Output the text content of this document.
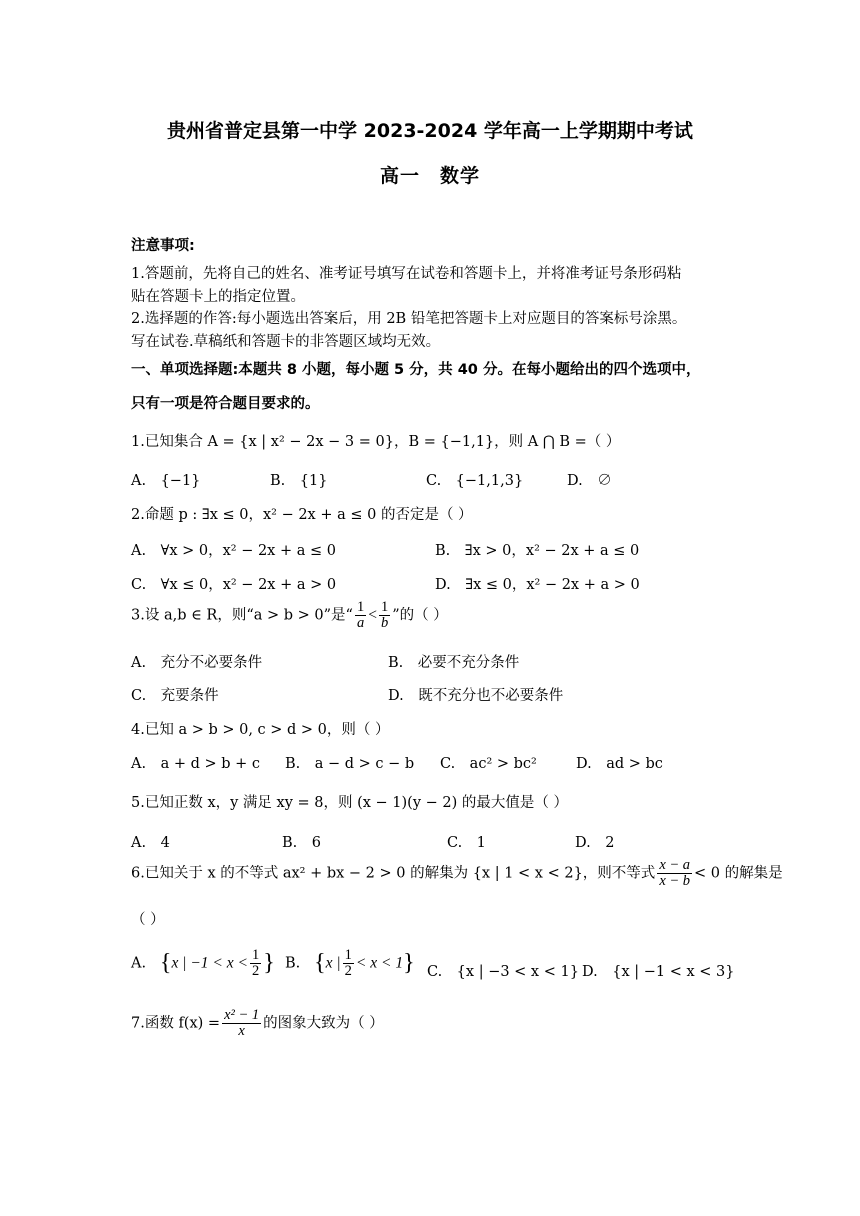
贵州省普定县第一中学 2023-2024 学年高一上学期期中考试
高一　数学
注意事项:
1.答题前，先将自己的姓名、准考证号填写在试卷和答题卡上，并将准考证号条形码粘
贴在答题卡上的指定位置。
2.选择题的作答:每小题选出答案后，用 2B 铅笔把答题卡上对应题目的答案标号涂黑。
写在试卷.草稿纸和答题卡的非答题区域均无效。
一、单项选择题:本题共 8 小题，每小题 5 分，共 40 分。在每小题给出的四个选项中，
只有一项是符合题目要求的。
1.已知集合 A = {x | x² − 2x − 3 = 0}，B = {−1,1}，则 A ⋂ B =（ ）
A.　{−1}	B.　{1}	C.　{−1,1,3}	D.　∅
2.命题 p : ∃x ≤ 0，x² − 2x + a ≤ 0 的否定是（ ）
A.　∀x > 0，x² − 2x + a ≤ 0	B.　∃x > 0，x² − 2x + a ≤ 0
C.　∀x ≤ 0，x² − 2x + a > 0	D.　∃x ≤ 0，x² − 2x + a > 0
3.设 a,b ∈ R，则“a > b > 0”是“ $\frac{1}{a} < \frac{1}{b}$ ”的（ ）
A.　充分不必要条件	B.　必要不充分条件
C.　充要条件	D.　既不充分也不必要条件
4.已知 a > b > 0, c > d > 0，则（ ）
A.　a + d > b + c B.　a − d > c − b C.　ac² > bc²	D.　ad > bc
5.已知正数 x，y 满足 xy = 8，则 (x − 1)(y − 2) 的最大值是（ ）
A.　4	B.　6	C.　1	D.　2
6.已知关于 x 的不等式 ax² + bx − 2 > 0 的解集为 {x | 1 < x < 2}，则不等式 $\frac{x - a}{x - b} < 0$ 的解集是
（ ）
A. {x | $-1 < x < \frac{1}{2}$ } B. {x | $\frac{1}{2} < x < 1$} C.　{x | −3 < x < 1} D.　{x | −1 < x < 3}
7.函数 $f(x) = \frac{\text{x² − 1}}{x}$ 的图象大致为（ ）
